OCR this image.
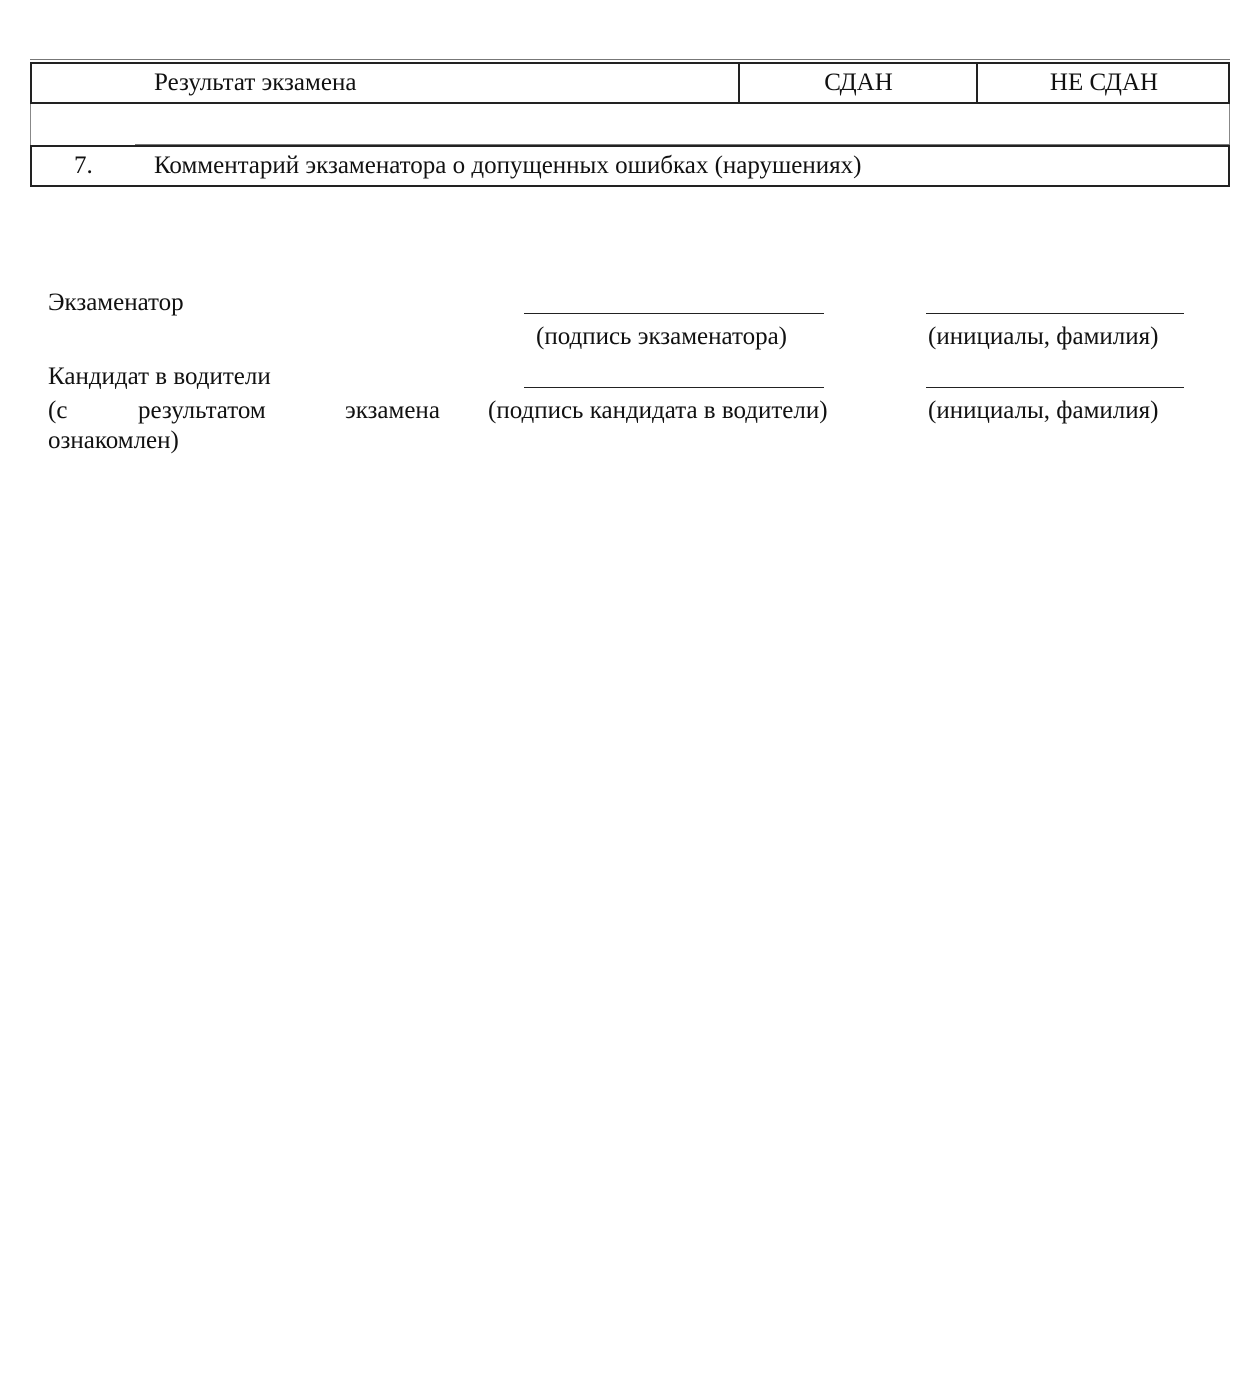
Результат экзамена	СДАН	НЕ СДАН
7. Комментарий экзаменатора о допущенных ошибках (нарушениях)
Экзаменатор
(подпись экзаменатора)	(инициалы, фамилия)
Кандидат в водители
(с	результатом	экзамена
ознакомлен)
(подпись кандидата в водители)	(инициалы, фамилия)
